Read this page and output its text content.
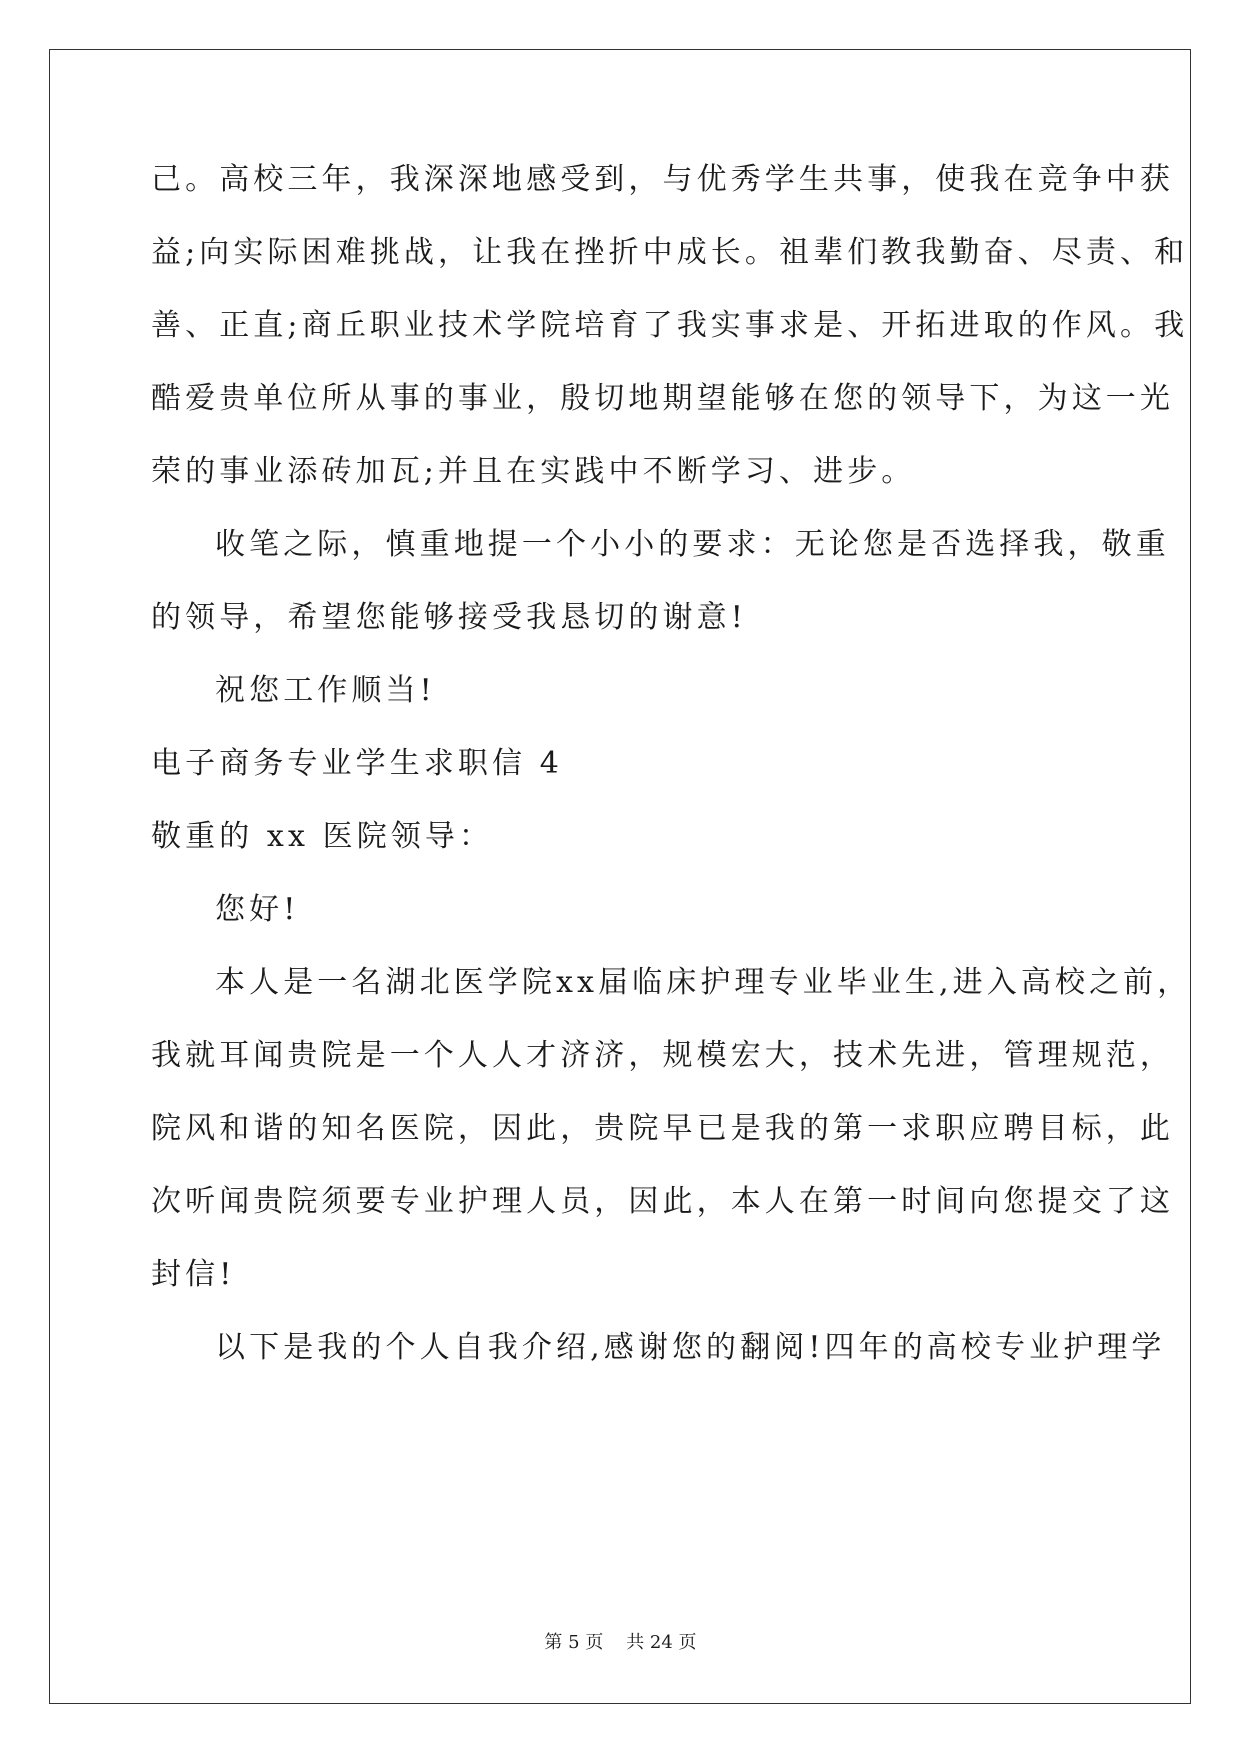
己。高校三年，我深深地感受到，与优秀学生共事，使我在竞争中获
益;向实际困难挑战，让我在挫折中成长。祖辈们教我勤奋、尽责、和
善、正直;商丘职业技术学院培育了我实事求是、开拓进取的作风。我
酷爱贵单位所从事的事业，殷切地期望能够在您的领导下，为这一光
荣的事业添砖加瓦;并且在实践中不断学习、进步。
收笔之际，慎重地提一个小小的要求：无论您是否选择我，敬重
的领导，希望您能够接受我恳切的谢意!
祝您工作顺当!
电子商务专业学生求职信 4
敬重的 xx 医院领导：
您好!
本人是一名湖北医学院xx届临床护理专业毕业生,进入高校之前，
我就耳闻贵院是一个人人才济济，规模宏大，技术先进，管理规范，
院风和谐的知名医院，因此，贵院早已是我的第一求职应聘目标，此
次听闻贵院须要专业护理人员，因此，本人在第一时间向您提交了这
封信!
以下是我的个人自我介绍,感谢您的翻阅!四年的高校专业护理学
第 5 页    共 24 页
